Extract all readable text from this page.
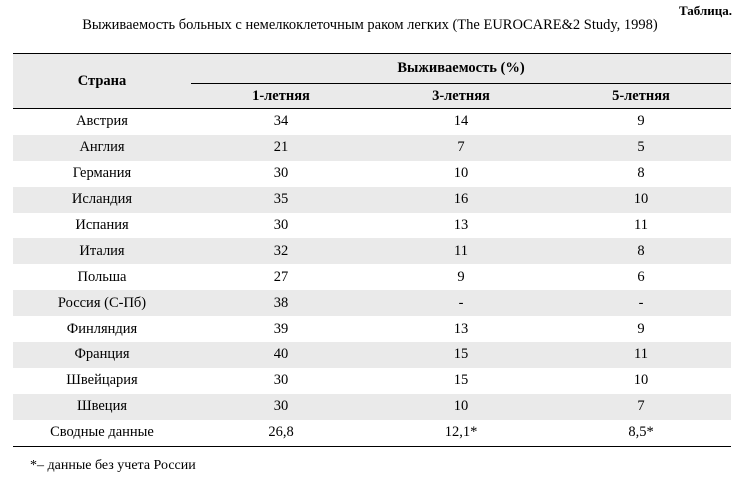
Таблица.
Выживаемость больных с немелкоклеточным раком легких (The EUROCARE&2 Study, 1998)
Страна	Выживаемость (%)		
	1-летняя	3-летняя	5-летняя
Австрия	34	14	9
Англия	21	7	5
Германия	30	10	8
Исландия	35	16	10
Испания	30	13	11
Италия	32	11	8
Польша	27	9	6
Россия (С-Пб)	38	-	-
Финляндия	39	13	9
Франция	40	15	11
Швейцария	30	15	10
Швеция	30	10	7
Сводные данные	26,8	12,1*	8,5*
*– данные без учета России
